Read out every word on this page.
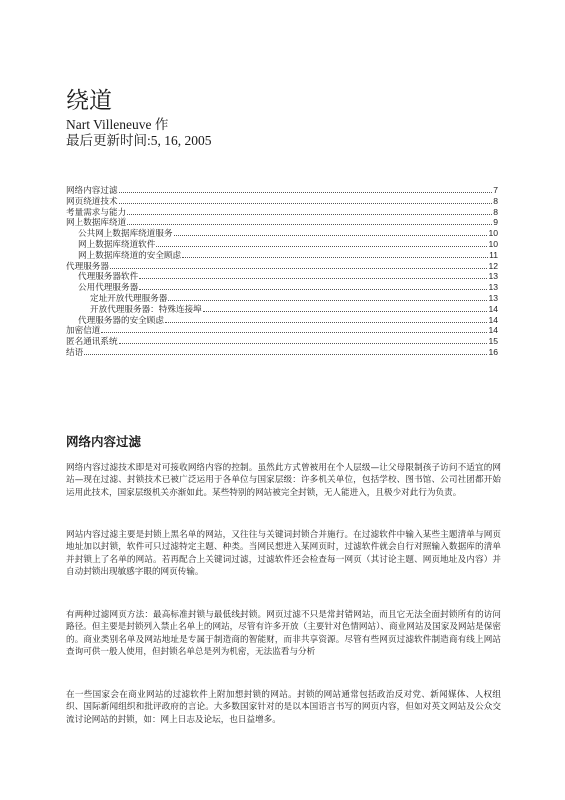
绕道
Nart Villeneuve 作
最后更新时间:5, 16, 2005
网络内容过滤	7
网页绕道技术	8
考量需求与能力	8
网上数据库绕道	9
公共网上数据库绕道服务	10
网上数据库绕道软件	10
网上数据库绕道的安全顾虑	11
代理服务器	12
代理服务器软件	13
公用代理服务器	13
定址开放代理服务器	13
开放代理服务器：特殊连接埠	14
代理服务器的安全顾虑	14
加密信道	14
匿名通讯系统	15
结语	16
网络内容过滤

网络内容过滤技术即是对可接收网络内容的控制。虽然此方式曾被用在个人层级—让父母限制孩子访问不适宜的网站—现在过滤、封锁技术已被广泛运用于各单位与国家层级：许多机关单位，包括学校、图书馆、公司社团都开始运用此技术，国家层级机关亦渐如此。某些特别的网站被完全封锁，无人能进入，且极少对此行为负责。

网站内容过滤主要是封锁上黑名单的网站，又往往与关键词封锁合并施行。在过滤软件中输入某些主题清单与网页地址加以封锁，软件可只过滤特定主题、种类。当网民想进入某网页时，过滤软件就会自行对照输入数据库的清单并封锁上了名单的网站。若再配合上关键词过滤，过滤软件还会检查每一网页（其讨论主题、网页地址及内容）并自动封锁出现敏感字眼的网页传输。

有两种过滤网页方法：最高标准封锁与最低线封锁。网页过滤不只是常封错网站，而且它无法全面封锁所有的访问路径。但主要是封锁列入禁止名单上的网站，尽管有许多开放（主要针对色情网站）、商业网站及国家及网站是保密的。商业类别名单及网站地址是专属于制造商的智能财，而非共享资源。尽管有些网页过滤软件制造商有线上网站查询可供一般人使用，但封锁名单总是列为机密，无法监看与分析

在一些国家会在商业网站的过滤软件上附加想封锁的网站。封锁的网站通常包括政治反对党、新闻媒体、人权组织、国际新闻组织和批评政府的言论。大多数国家针对的是以本国语言书写的网页内容，但如对英文网站及公众交流讨论网站的封锁，如：网上日志及论坛，也日益增多。
